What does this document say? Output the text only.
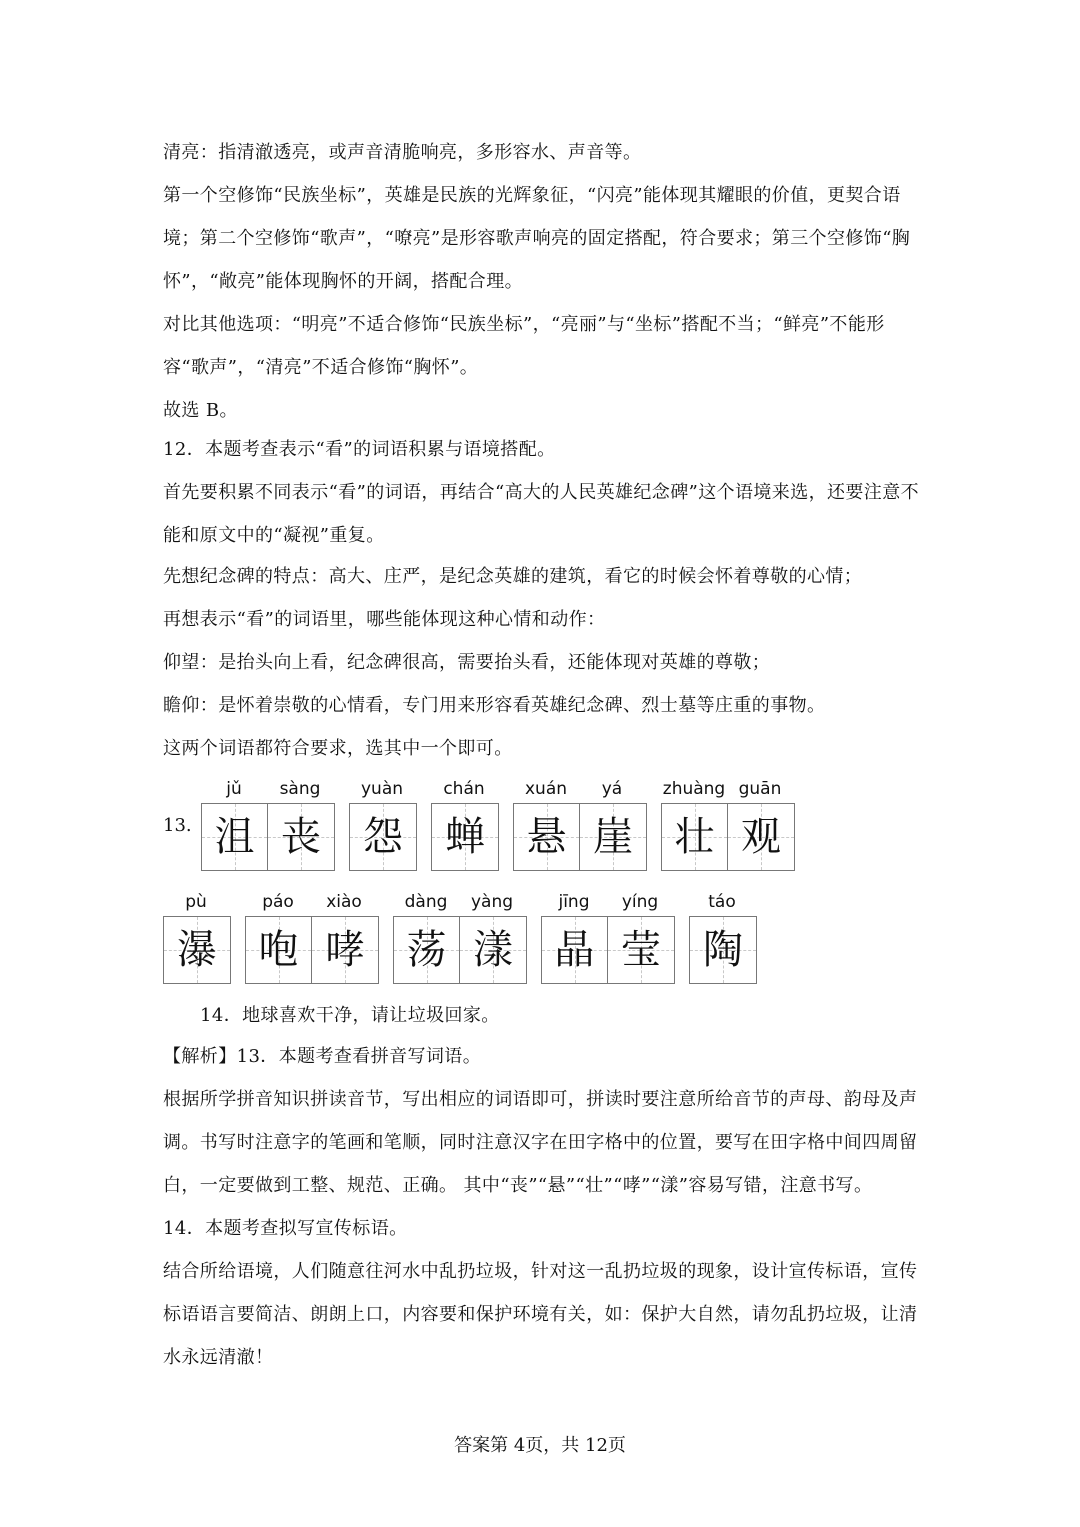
清亮：指清澈透亮，或声音清脆响亮，多形容水、声音等。

第一个空修饰“民族坐标”，英雄是民族的光辉象征，“闪亮”能体现其耀眼的价值，更契合语境；第二个空修饰“歌声”，“嘹亮”是形容歌声响亮的固定搭配，符合要求；第三个空修饰“胸怀”，“敞亮”能体现胸怀的开阔，搭配合理。

对比其他选项：“明亮”不适合修饰“民族坐标”，“亮丽”与“坐标”搭配不当；“鲜亮”不能形容“歌声”，“清亮”不适合修饰“胸怀”。

故选 B。

12．本题考查表示“看”的词语积累与语境搭配。

首先要积累不同表示“看”的词语，再结合“高大的人民英雄纪念碑”这个语境来选，还要注意不能和原文中的“凝视”重复。

先想纪念碑的特点：高大、庄严，是纪念英雄的建筑，看它的时候会怀着尊敬的心情；

再想表示“看”的词语里，哪些能体现这种心情和动作：

仰望：是抬头向上看，纪念碑很高，需要抬头看，还能体现对英雄的尊敬；

瞻仰：是怀着崇敬的心情看，专门用来形容看英雄纪念碑、烈士墓等庄重的事物。

这两个词语都符合要求，选其中一个即可。

13.
jǔ	sàng
沮 丧
yuàn
怨
chán
蝉
xuán	yá
悬 崖
zhuàng guān
壮 观
pù
瀑
páo	xiào
咆 哮
dàng	yàng
荡 漾
jīng	yíng
晶 莹
táo
陶

14．地球喜欢干净，请让垃圾回家。

【解析】13．本题考查看拼音写词语。

根据所学拼音知识拼读音节，写出相应的词语即可，拼读时要注意所给音节的声母、韵母及声调。书写时注意字的笔画和笔顺，同时注意汉字在田字格中的位置，要写在田字格中间四周留白，一定要做到工整、规范、正确。 其中“丧”“悬”“壮”“哮”“漾”容易写错，注意书写。

14．本题考查拟写宣传标语。

结合所给语境，人们随意往河水中乱扔垃圾，针对这一乱扔垃圾的现象，设计宣传标语，宣传标语语言要简洁、朗朗上口，内容要和保护环境有关，如：保护大自然，请勿乱扔垃圾，让清水永远清澈！

答案第 4页，共 12页
